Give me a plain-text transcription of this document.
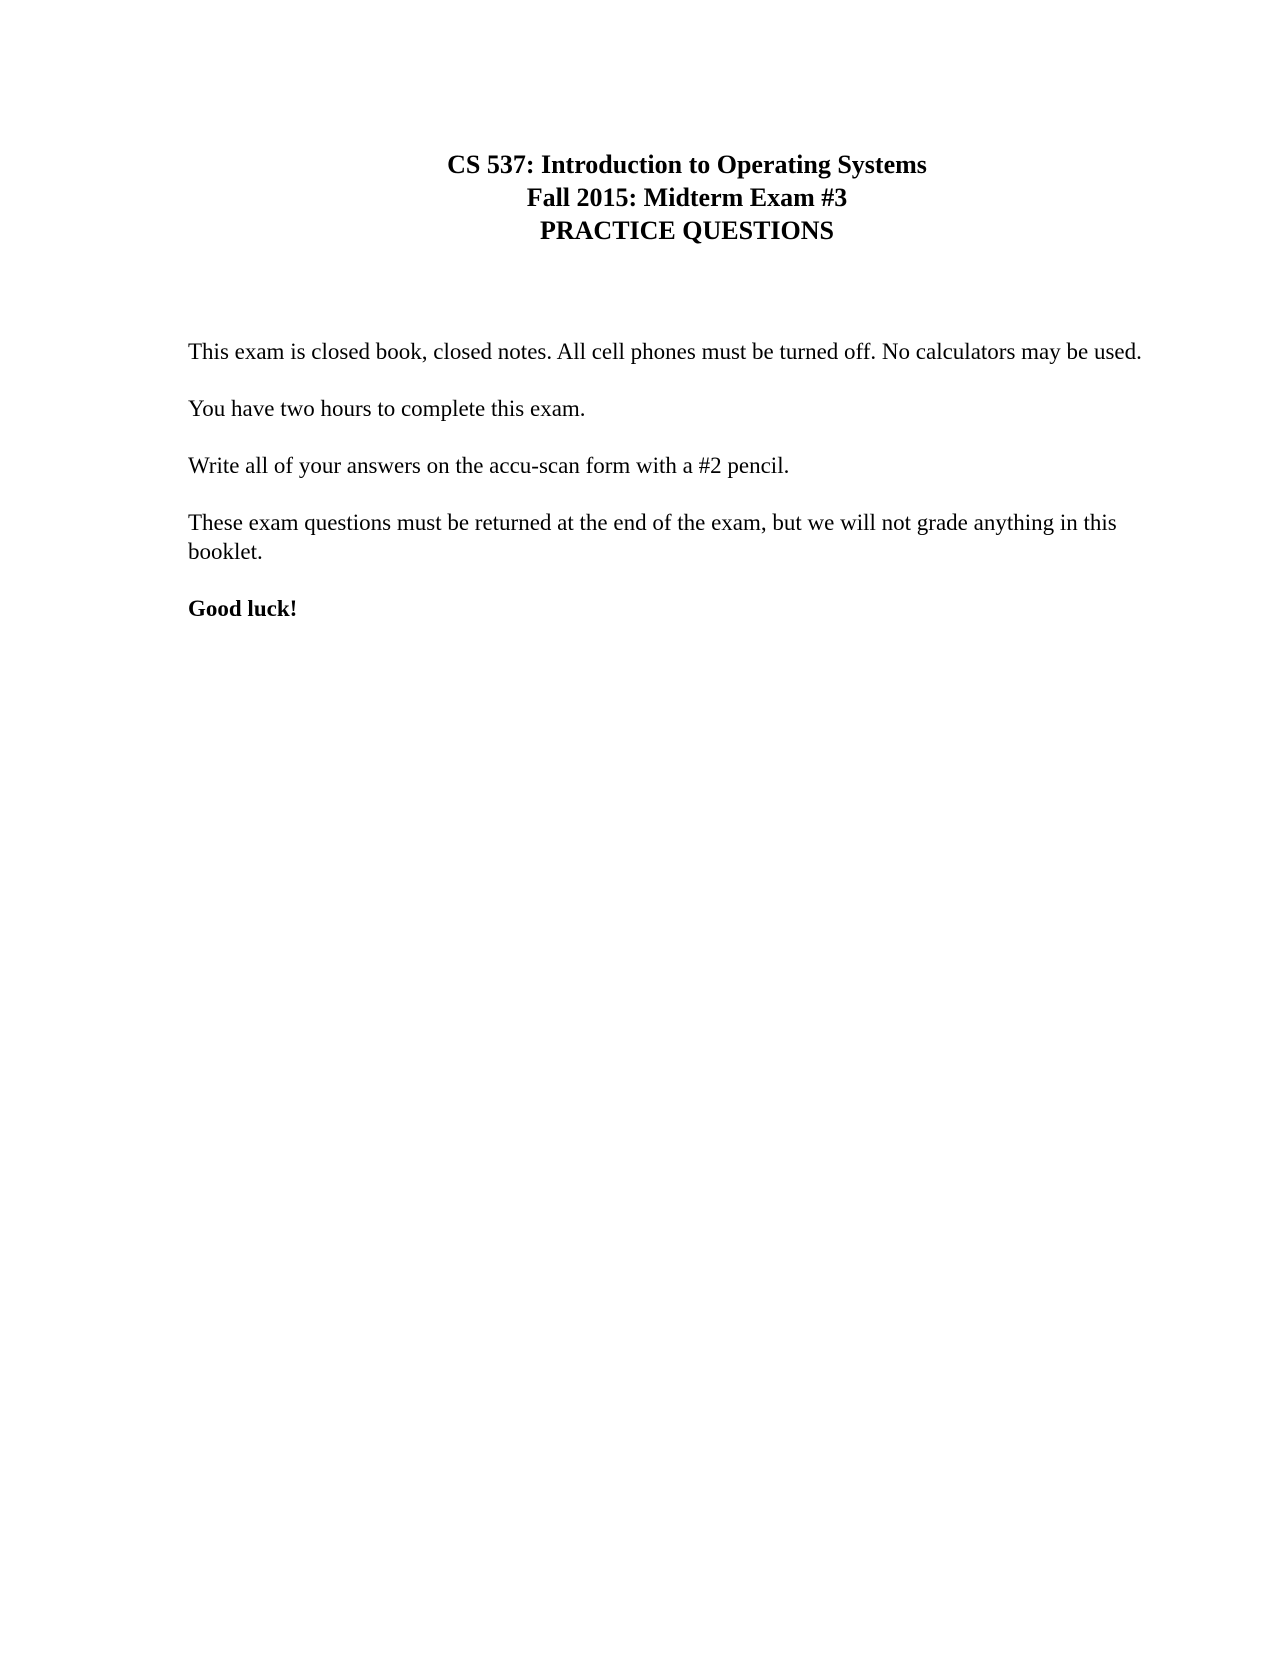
CS 537: Introduction to Operating Systems
Fall 2015: Midterm Exam #3
PRACTICE QUESTIONS

This exam is closed book, closed notes. All cell phones must be turned off. No calculators may be used.

You have two hours to complete this exam.

Write all of your answers on the accu-scan form with a #2 pencil.

These exam questions must be returned at the end of the exam, but we will not grade anything in this booklet.

Good luck!
